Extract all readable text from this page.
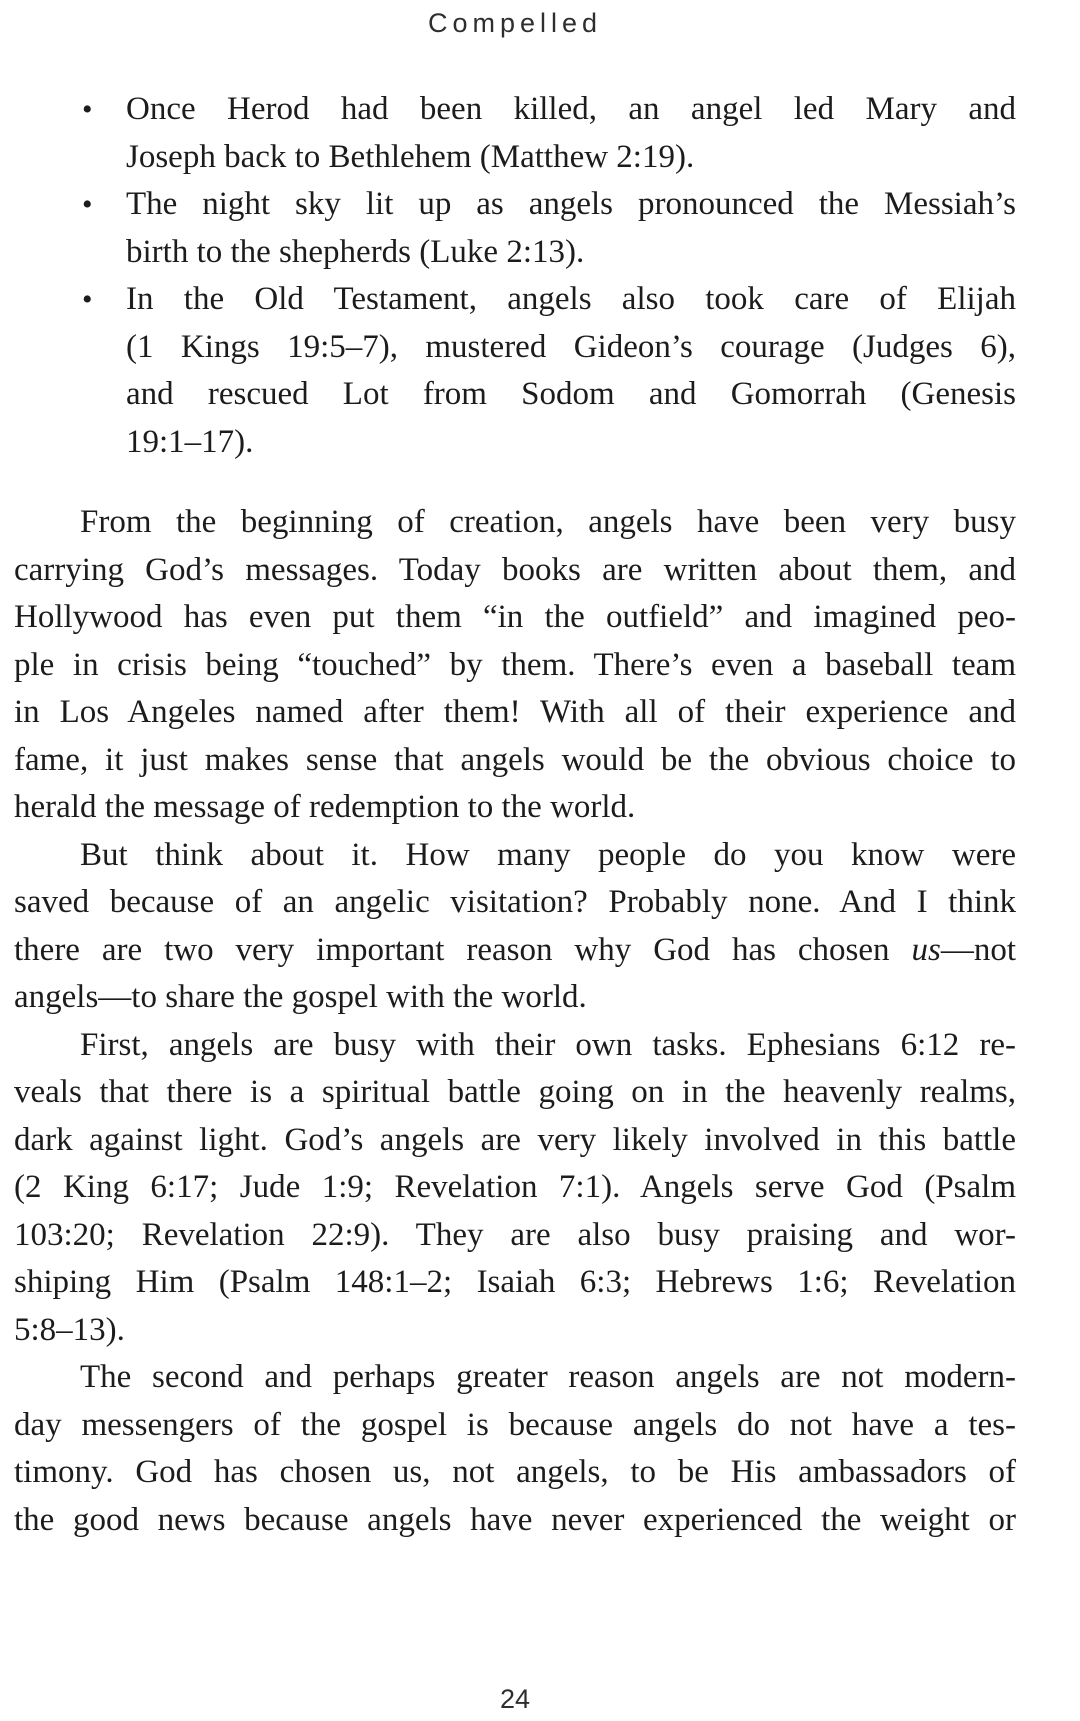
Compelled
• Once Herod had been killed, an angel led Mary and
Joseph back to Bethlehem (Matthew 2:19).
• The night sky lit up as angels pronounced the Messiah’s
birth to the shepherds (Luke 2:13).
• In the Old Testament, angels also took care of Elijah
(1 Kings 19:5–7), mustered Gideon’s courage (Judges 6),
and rescued Lot from Sodom and Gomorrah (Genesis
19:1–17).
From the beginning of creation, angels have been very busy
carrying God’s messages. Today books are written about them, and
Hollywood has even put them “in the outfield” and imagined peo-
ple in crisis being “touched” by them. There’s even a baseball team
in Los Angeles named after them! With all of their experience and
fame, it just makes sense that angels would be the obvious choice to
herald the message of redemption to the world.
But think about it. How many people do you know were
saved because of an angelic visitation? Probably none. And I think
there are two very important reason why God has chosen us—not
angels—to share the gospel with the world.
First, angels are busy with their own tasks. Ephesians 6:12 re-
veals that there is a spiritual battle going on in the heavenly realms,
dark against light. God’s angels are very likely involved in this battle
(2 King 6:17; Jude 1:9; Revelation 7:1). Angels serve God (Psalm
103:20; Revelation 22:9). They are also busy praising and wor-
shiping Him (Psalm 148:1–2; Isaiah 6:3; Hebrews 1:6; Revelation
5:8–13).
The second and perhaps greater reason angels are not modern-
day messengers of the gospel is because angels do not have a tes-
timony. God has chosen us, not angels, to be His ambassadors of
the good news because angels have never experienced the weight or
24
